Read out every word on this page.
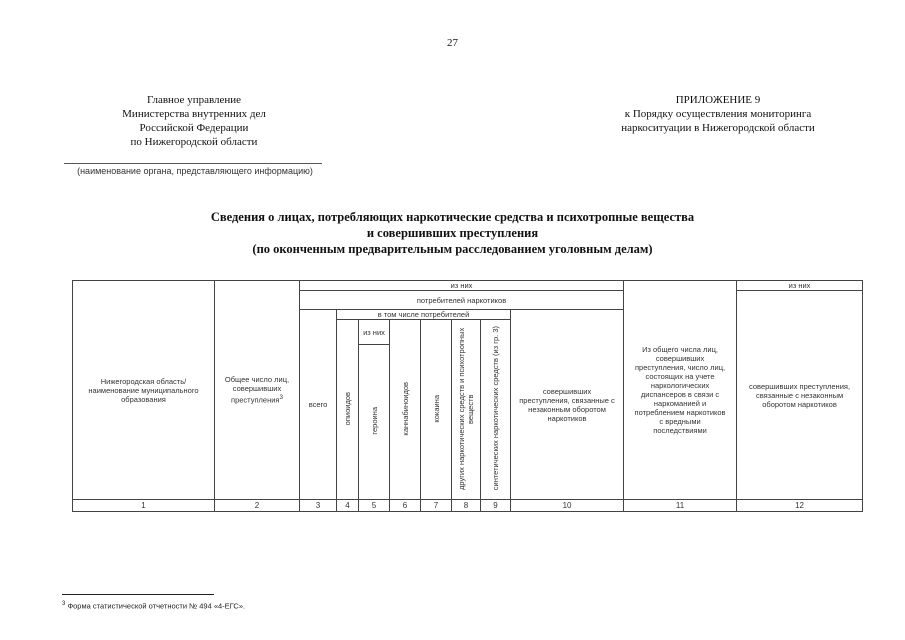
27
Главное управление
Министерства внутренних дел
Российской Федерации
по Нижегородской области
ПРИЛОЖЕНИЕ 9
к Порядку осуществления мониторинга
наркоситуации в Нижегородской области
(наименование органа, представляющего информацию)
Сведения о лицах, потребляющих наркотические средства и психотропные вещества
и совершивших преступления
(по оконченным предварительным расследованием уголовным делам)
Нижегородская область/ наименование муниципального образования	Общее число лиц, совершивших преступления$^3$	из них								Из общего числа лиц, совершивших преступления, число лиц, состоящих на учете наркологических диспансеров в связи с наркоманией и потреблением наркотиков с вредными последствиями	из них
		потребителей наркотиков									совершивших преступления, связанные с незаконным оборотом наркотиков
		всего	в том числе потребителей						совершивших преступления, связанные с незаконным оборотом наркотиков		
			опиоидов	из них	каннабиноидов	кокаина	других наркотических средств и психотропных веществ	синтетических наркотических средств (из гр. 3)			
				героина							
1	2	3	4	5	6	7	8	9	10	11	12
$^3$ Форма статистической отчетности № 494 «4-ЕГС».
